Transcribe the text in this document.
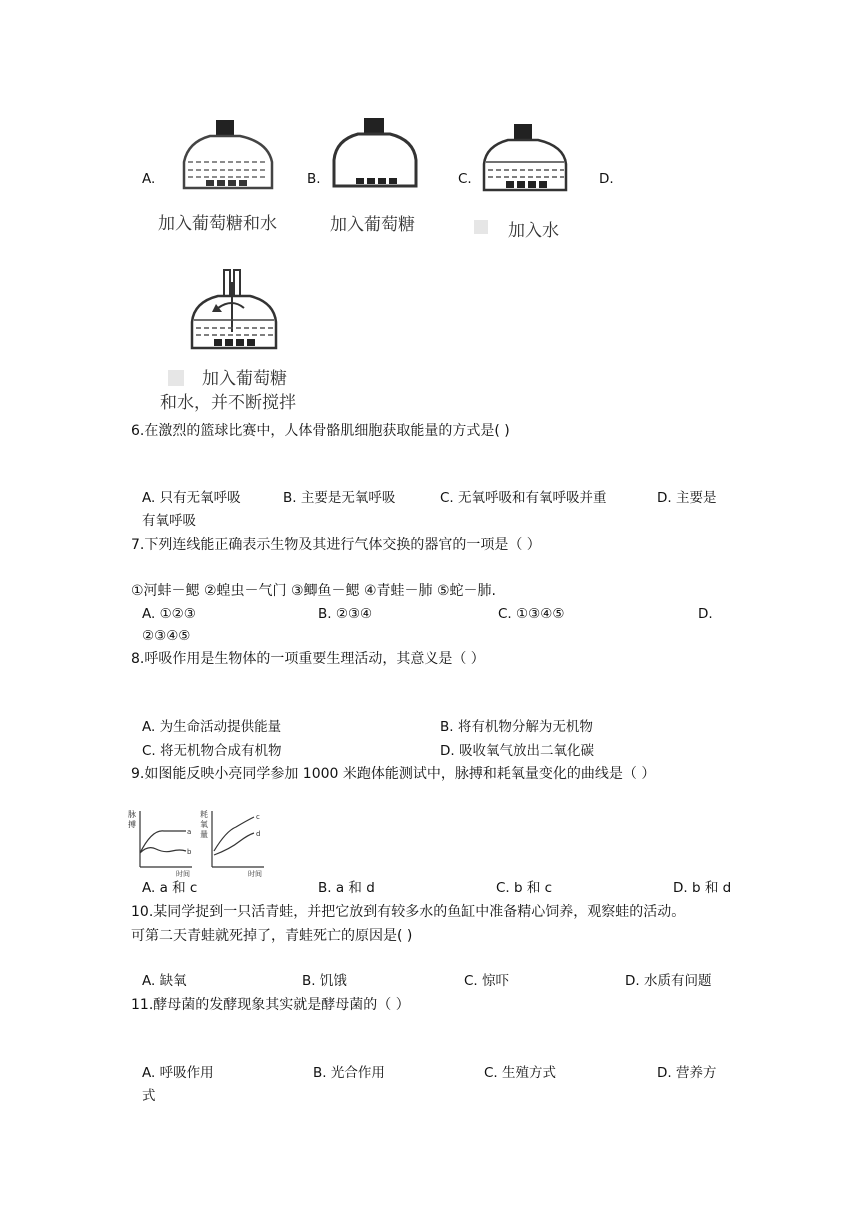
A.
加入葡萄糖和水
B.
加入葡萄糖
C.
加入水
D.
加入葡萄糖
和水，并不断搅拌
6.在激烈的篮球比赛中，人体骨骼肌细胞获取能量的方式是( )
A. 只有无氧呼吸	B. 主要是无氧呼吸	C. 无氧呼吸和有氧呼吸并重	D. 主要是
有氧呼吸
7.下列连线能正确表示生物及其进行气体交换的器官的一项是（ ）
①河蚌－鳃 ②蝗虫－气门 ③鲫鱼－鳃 ④青蛙－肺 ⑤蛇－肺.
A. ①②③	B. ②③④	C. ①③④⑤	D.
②③④⑤
8.呼吸作用是生物体的一项重要生理活动，其意义是（ ）
A. 为生命活动提供能量	B. 将有机物分解为无机物
C. 将无机物合成有机物	D. 吸收氧气放出二氧化碳
9.如图能反映小亮同学参加 1000 米跑体能测试中，脉搏和耗氧量变化的曲线是（ ）
脉
搏
耗
氧
量
a
b
c
d
时间	时间
A. a 和 c	B. a 和 d	C. b 和 c	D. b 和 d
10.某同学捉到一只活青蛙，并把它放到有较多水的鱼缸中准备精心饲养，观察蛙的活动。
可第二天青蛙就死掉了，青蛙死亡的原因是( )
A. 缺氧	B. 饥饿	C. 惊吓	D. 水质有问题
11.酵母菌的发酵现象其实就是酵母菌的（ ）
A. 呼吸作用	B. 光合作用	C. 生殖方式	D. 营养方
式
